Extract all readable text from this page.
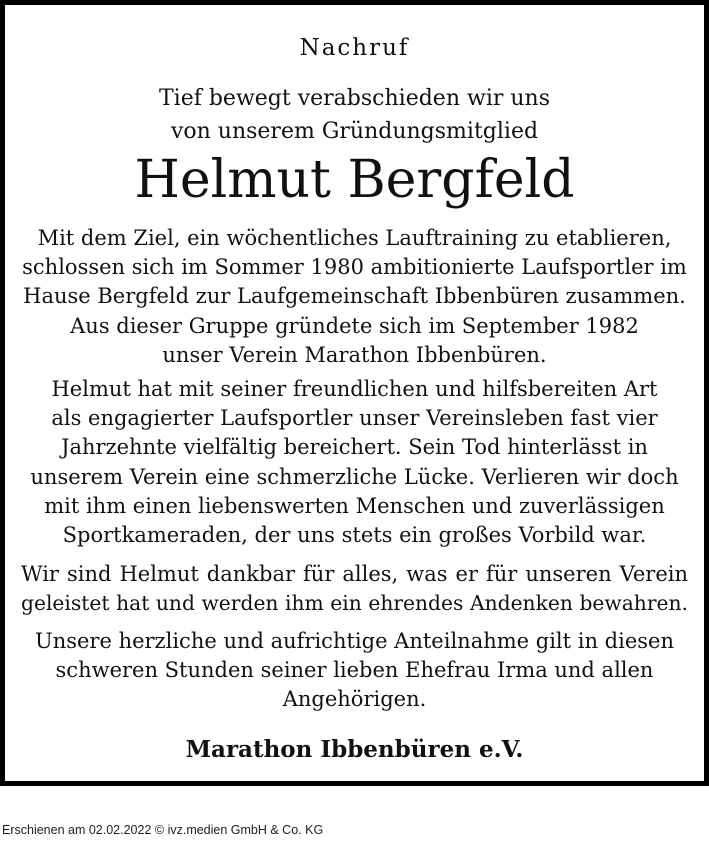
Nachruf
Tief bewegt verabschieden wir uns
von unserem Gründungsmitglied
Helmut Bergfeld
Mit dem Ziel, ein wöchentliches Lauftraining zu etablieren,
schlossen sich im Sommer 1980 ambitionierte Laufsportler im
Hause Bergfeld zur Laufgemeinschaft Ibbenbüren zusammen.
Aus dieser Gruppe gründete sich im September 1982
unser Verein Marathon Ibbenbüren.
Helmut hat mit seiner freundlichen und hilfsbereiten Art
als engagierter Laufsportler unser Vereinsleben fast vier
Jahrzehnte vielfältig bereichert. Sein Tod hinterlässt in
unserem Verein eine schmerzliche Lücke. Verlieren wir doch
mit ihm einen liebenswerten Menschen und zuverlässigen
Sportkameraden, der uns stets ein großes Vorbild war.
Wir sind Helmut dankbar für alles, was er für unseren Verein
geleistet hat und werden ihm ein ehrendes Andenken bewahren.
Unsere herzliche und aufrichtige Anteilnahme gilt in diesen
schweren Stunden seiner lieben Ehefrau Irma und allen
Angehörigen.
Marathon Ibbenbüren e.V.
Erschienen am 02.02.2022 © ivz.medien GmbH & Co. KG
